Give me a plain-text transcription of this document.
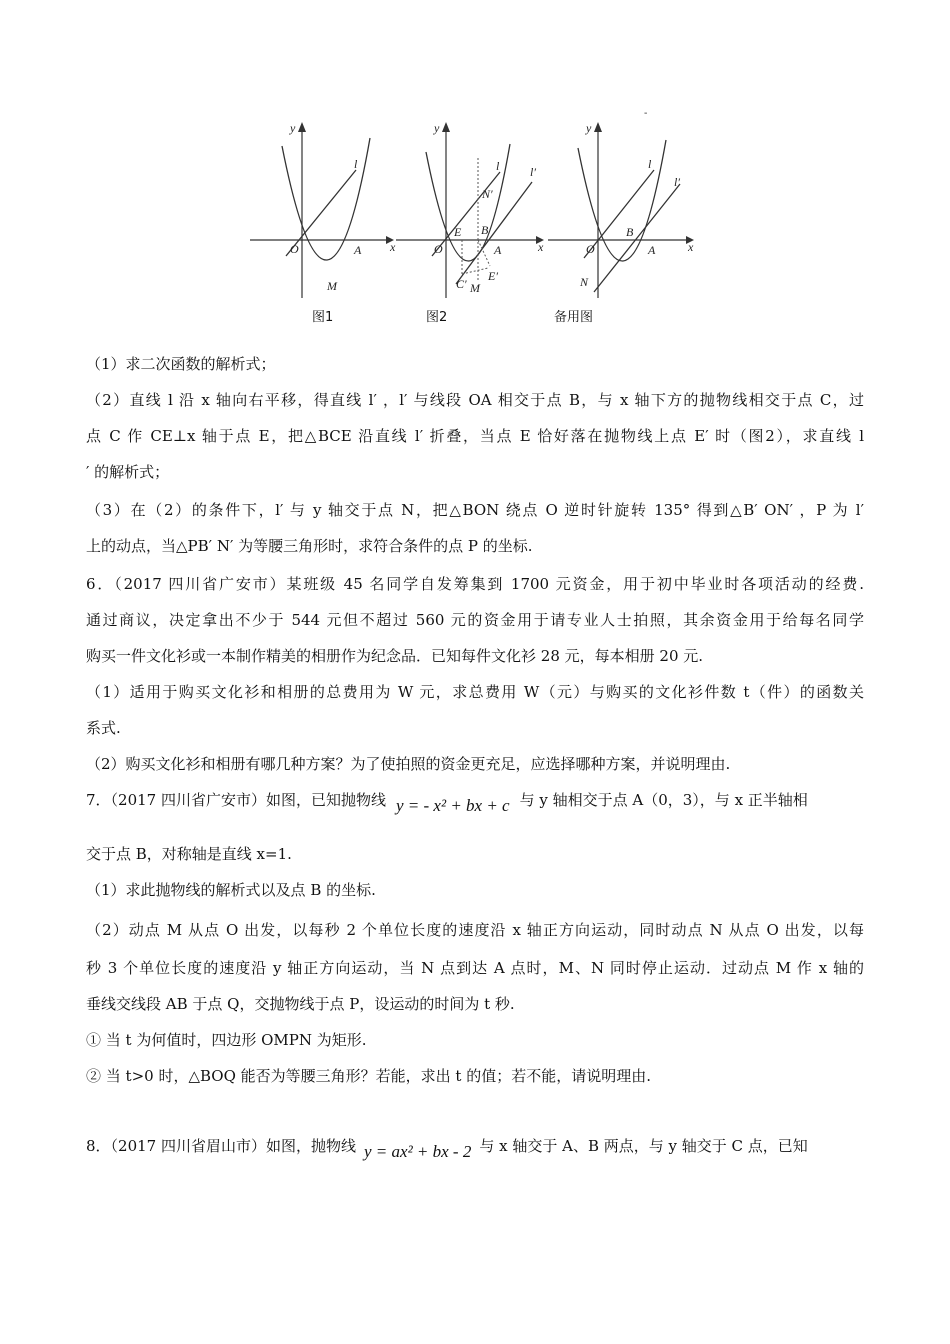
y
x
O	A
M
l
图1
y
x
O
E B
A
l	l′
N′
C′
E′
M
图2
y
x
O
B
A
N
l
l′
备用图
-
（1）求二次函数的解析式；
（2）直线 l 沿 x 轴向右平移，得直线 l′ ，l′ 与线段 OA 相交于点 B，与 x 轴下方的抛物线相交于点 C，过
点 C 作 CE⊥x 轴于点 E，把△BCE 沿直线 l′ 折叠，当点 E 恰好落在抛物线上点 E′ 时（图2），求直线 l
′ 的解析式；
（3）在（2）的条件下，l′ 与 y 轴交于点 N，把△BON 绕点 O 逆时针旋转 135° 得到△B′ ON′ ，P 为 l′
上的动点，当△PB′ N′ 为等腰三角形时，求符合条件的点 P 的坐标.
6．（2017 四川省广安市）某班级 45 名同学自发筹集到 1700 元资金，用于初中毕业时各项活动的经费.
通过商议，决定拿出不少于 544 元但不超过 560 元的资金用于请专业人士拍照，其余资金用于给每名同学
购买一件文化衫或一本制作精美的相册作为纪念品．已知每件文化衫 28 元，每本相册 20 元.
（1）适用于购买文化衫和相册的总费用为 W 元，求总费用 W（元）与购买的文化衫件数 t（件）的函数关
系式.
（2）购买文化衫和相册有哪几种方案？为了使拍照的资金更充足，应选择哪种方案，并说明理由.
7．（2017 四川省广安市）如图，已知抛物线 y = - x² + bx + c 与 y 轴相交于点 A（0，3），与 x 正半轴相
交于点 B，对称轴是直线 x=1.
（1）求此抛物线的解析式以及点 B 的坐标.
（2）动点 M 从点 O 出发，以每秒 2 个单位长度的速度沿 x 轴正方向运动，同时动点 N 从点 O 出发，以每
秒 3 个单位长度的速度沿 y 轴正方向运动，当 N 点到达 A 点时，M、N 同时停止运动．过动点 M 作 x 轴的
垂线交线段 AB 于点 Q，交抛物线于点 P，设运动的时间为 t 秒.
① 当 t 为何值时，四边形 OMPN 为矩形.
② 当 t>0 时，△BOQ 能否为等腰三角形？若能，求出 t 的值；若不能，请说明理由.
8．（2017 四川省眉山市）如图，抛物线 y = ax² + bx - 2 与 x 轴交于 A、B 两点，与 y 轴交于 C 点，已知
